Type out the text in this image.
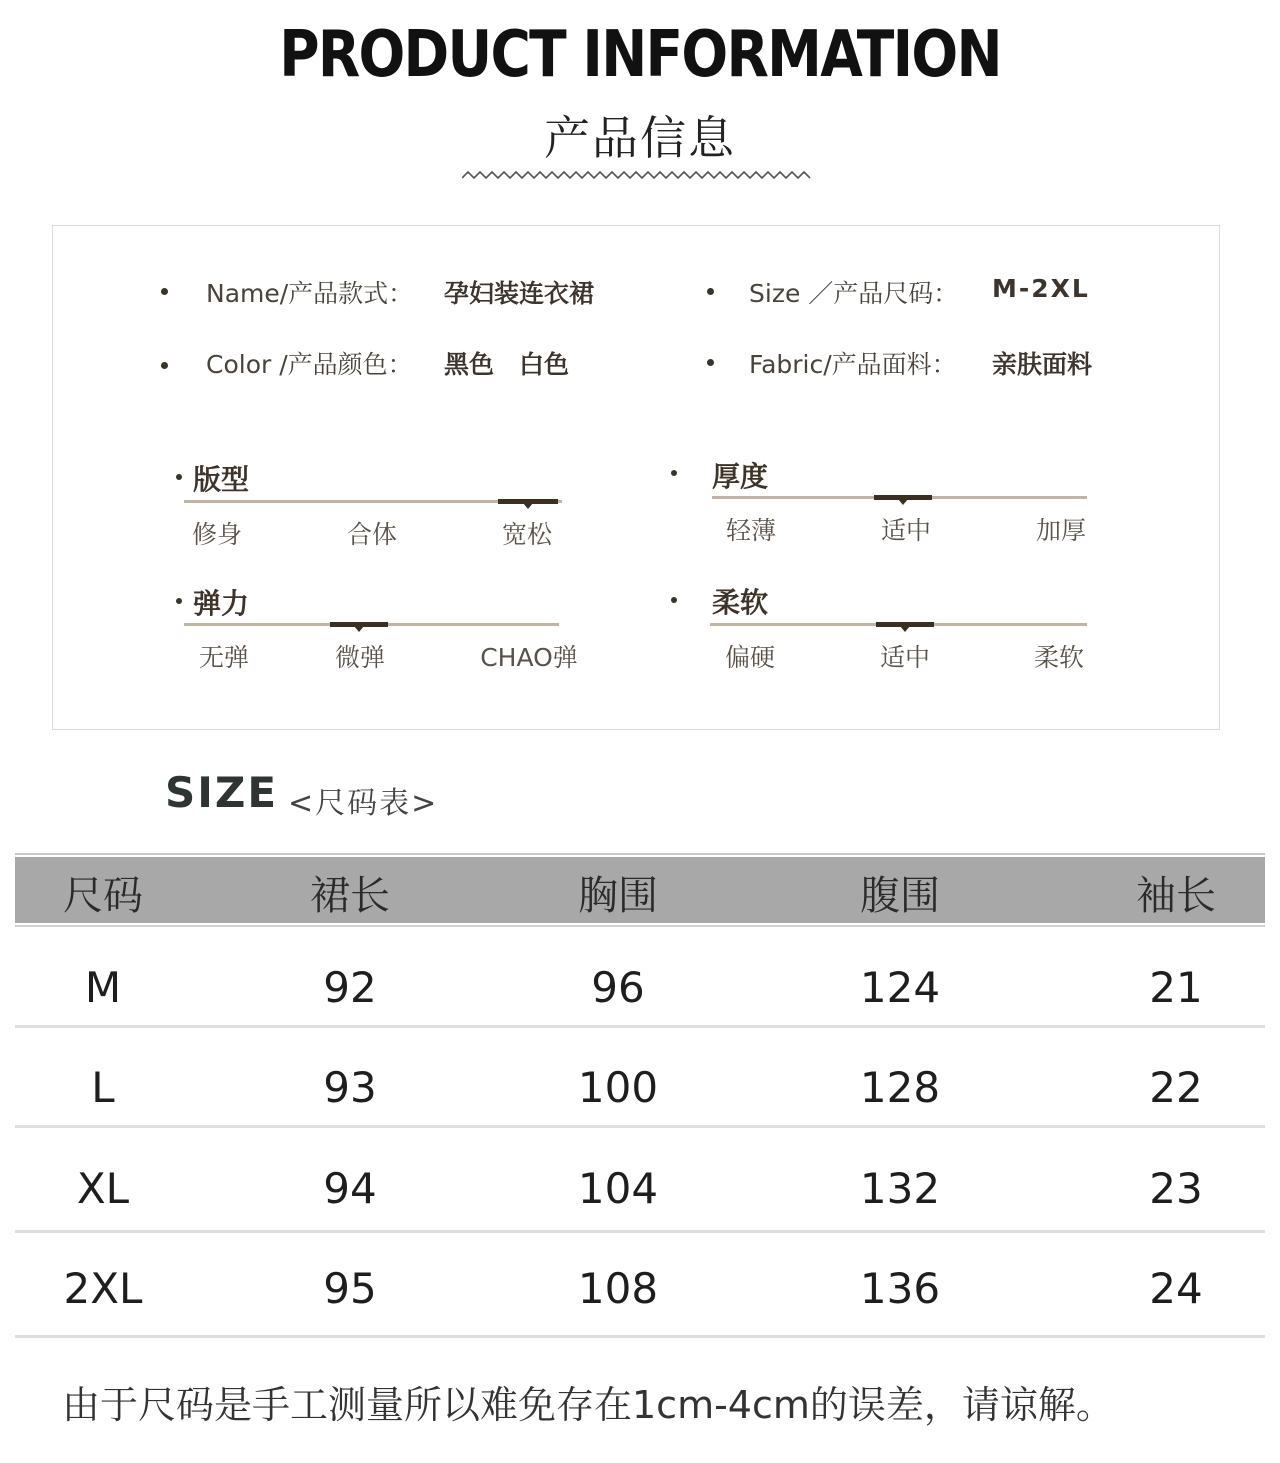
PRODUCT INFORMATION
产品信息
Name/产品款式： 孕妇装连衣裙	Size ／产品尺码： M-2XL
Color /产品颜色： 黑色　白色	Fabric/产品面料： 亲肤面料
版型
修身	合体	宽松
厚度
轻薄	适中	加厚
弹力
无弹	微弹	CHAO弹
柔软
偏硬	适中	柔软
SIZE <尺码表>
尺码	裙长	胸围	腹围	袖长
M	92	96	124	21
L	93	100	128	22
XL	94	104	132	23
2XL	95	108	136	24
由于尺码是手工测量所以难免存在1cm-4cm的误差，请谅解。
